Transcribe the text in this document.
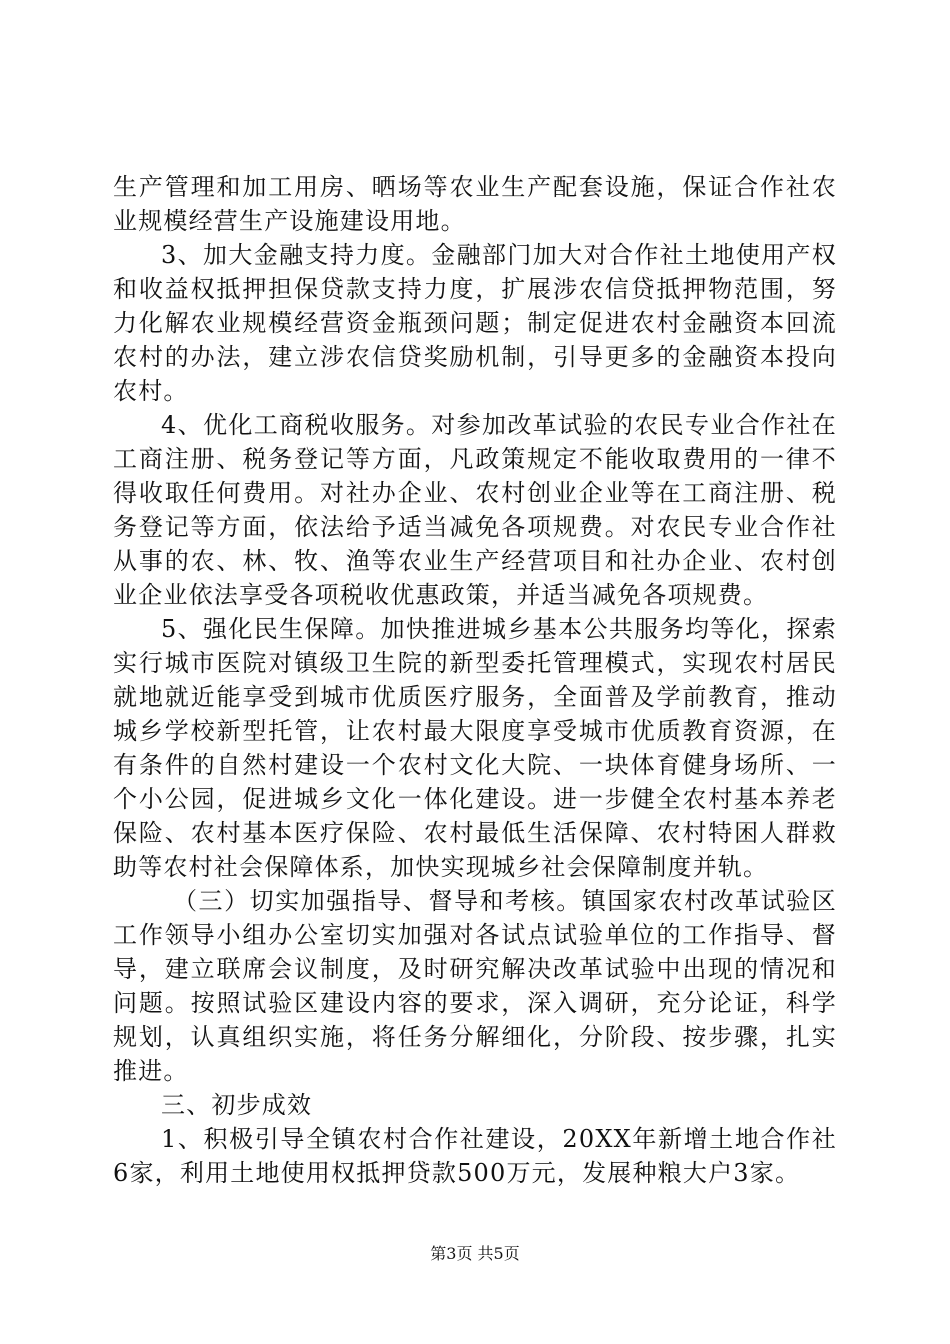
生产管理和加工用房、晒场等农业生产配套设施，保证合作社农业规模经营生产设施建设用地。

3、加大金融支持力度。金融部门加大对合作社土地使用产权和收益权抵押担保贷款支持力度，扩展涉农信贷抵押物范围，努力化解农业规模经营资金瓶颈问题；制定促进农村金融资本回流农村的办法，建立涉农信贷奖励机制，引导更多的金融资本投向农村。

4、优化工商税收服务。对参加改革试验的农民专业合作社在工商注册、税务登记等方面，凡政策规定不能收取费用的一律不得收取任何费用。对社办企业、农村创业企业等在工商注册、税务登记等方面，依法给予适当减免各项规费。对农民专业合作社从事的农、林、牧、渔等农业生产经营项目和社办企业、农村创业企业依法享受各项税收优惠政策，并适当减免各项规费。

5、强化民生保障。加快推进城乡基本公共服务均等化，探索实行城市医院对镇级卫生院的新型委托管理模式，实现农村居民就地就近能享受到城市优质医疗服务，全面普及学前教育，推动城乡学校新型托管，让农村最大限度享受城市优质教育资源，在有条件的自然村建设一个农村文化大院、一块体育健身场所、一个小公园，促进城乡文化一体化建设。进一步健全农村基本养老保险、农村基本医疗保险、农村最低生活保障、农村特困人群救助等农村社会保障体系，加快实现城乡社会保障制度并轨。

（三）切实加强指导、督导和考核。镇国家农村改革试验区工作领导小组办公室切实加强对各试点试验单位的工作指导、督导，建立联席会议制度，及时研究解决改革试验中出现的情况和问题。按照试验区建设内容的要求，深入调研，充分论证，科学规划，认真组织实施，将任务分解细化，分阶段、按步骤，扎实推进。

三、初步成效

1、积极引导全镇农村合作社建设，20XX年新增土地合作社6家，利用土地使用权抵押贷款500万元，发展种粮大户3家。

第3页 共5页
